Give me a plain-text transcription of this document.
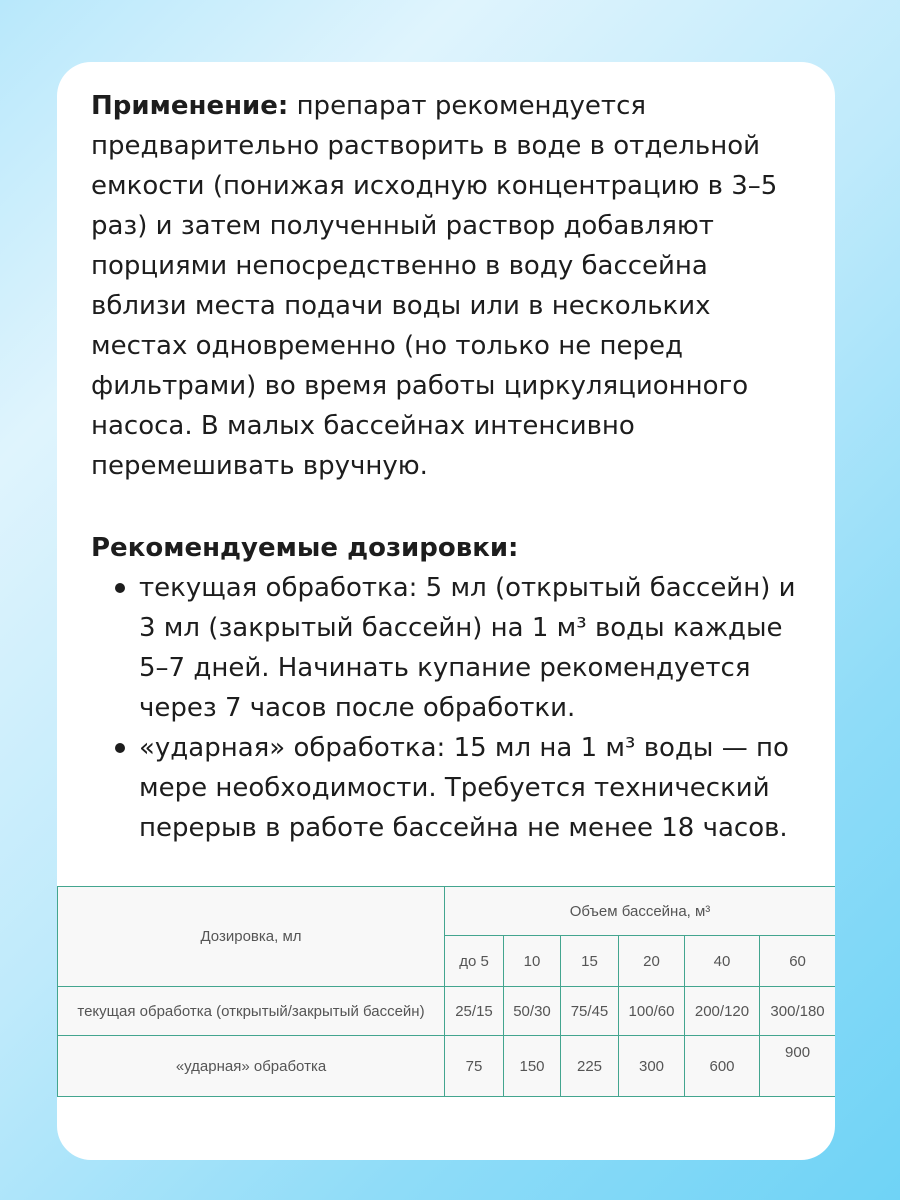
Применение: препарат рекомендуется предварительно растворить в воде в отдельной емкости (понижая исходную концентрацию в 3–5 раз) и затем полученный раствор добавляют порциями непосредственно в воду бассейна вблизи места подачи воды или в нескольких местах одновременно (но только не перед фильтрами) во время работы циркуляционного насоса. В малых бассейнах интенсивно перемешивать вручную.

Рекомендуемые дозировки:
текущая обработка: 5 мл (открытый бассейн) и 3 мл (закрытый бассейн) на 1 м³ воды каждые 5–7 дней. Начинать купание рекомендуется через 7 часов после обработки.
«ударная» обработка: 15 мл на 1 м³ воды — по мере необходимости. Требуется технический перерыв в работе бассейна не менее 18 часов.
Дозировка, мл	Объем бассейна, м³					
	до 5	10	15	20	40	60
текущая обработка (открытый/закрытый бассейн)	25/15	50/30	75/45	100/60	200/120	300/180
«ударная» обработка	75	150	225	300	600	900
